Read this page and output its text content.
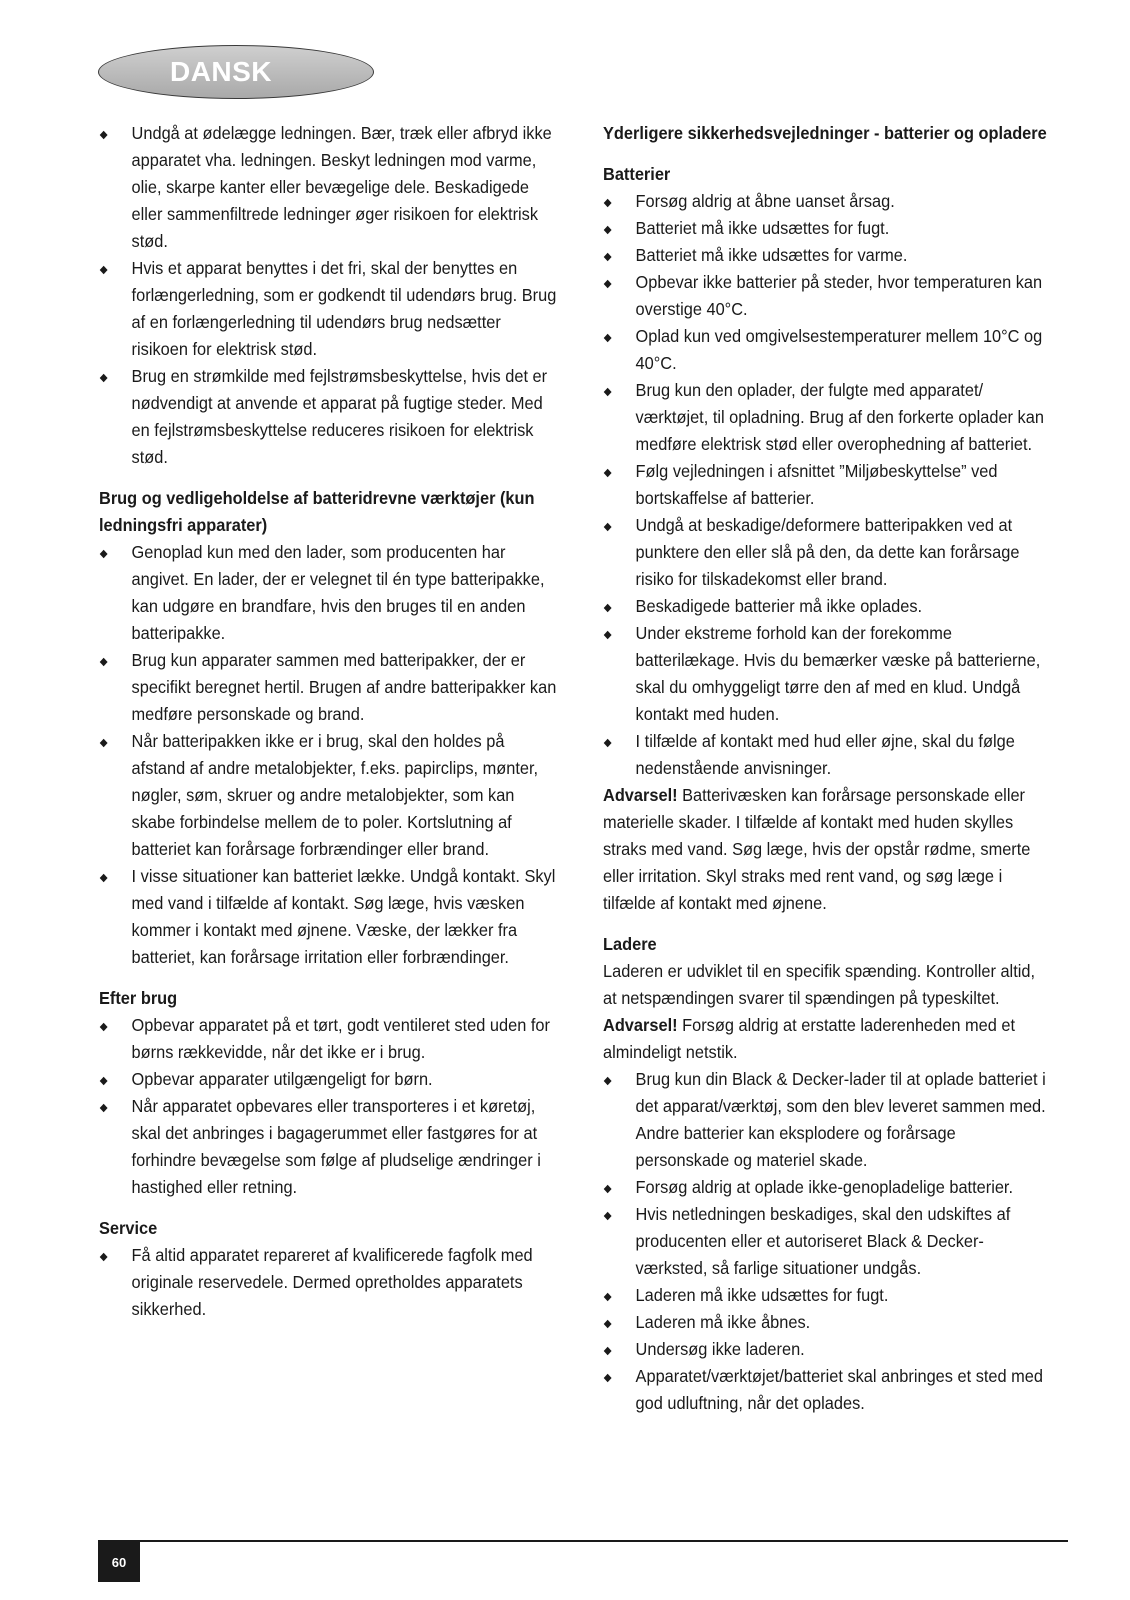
DANSK
Undgå at ødelægge ledningen. Bær, træk eller afbryd ikke apparatet vha. ledningen. Beskyt ledningen mod varme, olie, skarpe kanter eller bevægelige dele. Beskadigede eller sammenfiltrede ledninger øger risikoen for elektrisk stød.
Hvis et apparat benyttes i det fri, skal der benyttes en forlængerledning, som er godkendt til udendørs brug. Brug af en forlængerledning til udendørs brug nedsætter risikoen for elektrisk stød.
Brug en strømkilde med fejlstrømsbeskyttelse, hvis det er nødvendigt at anvende et apparat på fugtige steder. Med en fejlstrømsbeskyttelse reduceres risikoen for elektrisk stød.
Brug og vedligeholdelse af batteridrevne værktøjer (kun ledningsfri apparater)
Genoplad kun med den lader, som producenten har angivet. En lader, der er velegnet til én type batteripakke, kan udgøre en brandfare, hvis den bruges til en anden batteripakke.
Brug kun apparater sammen med batteripakker, der er specifikt beregnet hertil. Brugen af andre batteripakker kan medføre personskade og brand.
Når batteripakken ikke er i brug, skal den holdes på afstand af andre metalobjekter, f.eks. papirclips, mønter, nøgler, søm, skruer og andre metalobjekter, som kan skabe forbindelse mellem de to poler. Kortslutning af batteriet kan forårsage forbrændinger eller brand.
I visse situationer kan batteriet lække. Undgå kontakt. Skyl med vand i tilfælde af kontakt. Søg læge, hvis væsken kommer i kontakt med øjnene. Væske, der lækker fra batteriet, kan forårsage irritation eller forbrændinger.
Efter brug
Opbevar apparatet på et tørt, godt ventileret sted uden for børns rækkevidde, når det ikke er i brug.
Opbevar apparater utilgængeligt for børn.
Når apparatet opbevares eller transporteres i et køretøj, skal det anbringes i bagagerummet eller fastgøres for at forhindre bevægelse som følge af pludselige ændringer i hastighed eller retning.
Service
Få altid apparatet repareret af kvalificerede fagfolk med originale reservedele. Dermed opretholdes apparatets sikkerhed.
Yderligere sikkerhedsvejledninger - batterier og opladere
Batterier
Forsøg aldrig at åbne uanset årsag.
Batteriet må ikke udsættes for fugt.
Batteriet må ikke udsættes for varme.
Opbevar ikke batterier på steder, hvor temperaturen kan overstige 40°C.
Oplad kun ved omgivelsestemperaturer mellem 10°C og 40°C.
Brug kun den oplader, der fulgte med apparatet/ værktøjet, til opladning. Brug af den forkerte oplader kan medføre elektrisk stød eller overophedning af batteriet.
Følg vejledningen i afsnittet ”Miljøbeskyttelse” ved bortskaffelse af batterier.
Undgå at beskadige/deformere batteripakken ved at punktere den eller slå på den, da dette kan forårsage risiko for tilskadekomst eller brand.
Beskadigede batterier må ikke oplades.
Under ekstreme forhold kan der forekomme batterilækage. Hvis du bemærker væske på batterierne, skal du omhyggeligt tørre den af med en klud. Undgå kontakt med huden.
I tilfælde af kontakt med hud eller øjne, skal du følge nedenstående anvisninger.

Advarsel! Batterivæsken kan forårsage personskade eller materielle skader. I tilfælde af kontakt med huden skylles straks med vand. Søg læge, hvis der opstår rødme, smerte eller irritation. Skyl straks med rent vand, og søg læge i tilfælde af kontakt med øjnene.

Ladere

Laderen er udviklet til en specifik spænding. Kontroller altid, at netspændingen svarer til spændingen på typeskiltet.

Advarsel! Forsøg aldrig at erstatte laderenheden med et almindeligt netstik.

Brug kun din Black & Decker-lader til at oplade batteriet i det apparat/værktøj, som den blev leveret sammen med. Andre batterier kan eksplodere og forårsage personskade og materiel skade.
Forsøg aldrig at oplade ikke-genopladelige batterier.
Hvis netledningen beskadiges, skal den udskiftes af producenten eller et autoriseret Black & Decker-værksted, så farlige situationer undgås.
Laderen må ikke udsættes for fugt.
Laderen må ikke åbnes.
Undersøg ikke laderen.
Apparatet/værktøjet/batteriet skal anbringes et sted med god udluftning, når det oplades.
60
